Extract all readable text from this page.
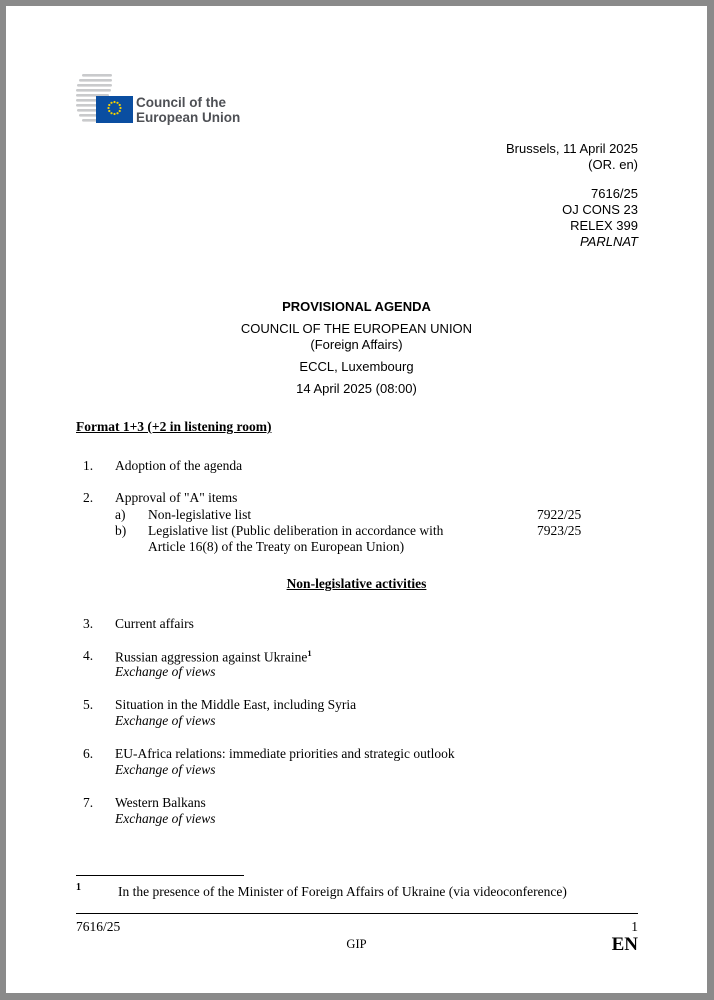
Council of the
European Union
Brussels, 11 April 2025
(OR. en)
7616/25
OJ CONS 23
RELEX 399
PARLNAT
PROVISIONAL AGENDA
COUNCIL OF THE EUROPEAN UNION
(Foreign Affairs)
ECCL, Luxembourg
14 April 2025 (08:00)
Format 1+3 (+2 in listening room)
1. Adoption of the agenda
2. Approval of "A" items
a) Non-legislative list	7922/25
b) Legislative list (Public deliberation in accordance with	7923/25
Article 16(8) of the Treaty on European Union)
Non-legislative activities
3. Current affairs
4. Russian aggression against Ukraine$^1$
Exchange of views
5. Situation in the Middle East, including Syria
Exchange of views
6. EU-Africa relations: immediate priorities and strategic outlook
Exchange of views
7. Western Balkans
Exchange of views
1	In the presence of the Minister of Foreign Affairs of Ukraine (via videoconference)
7616/25	1
GIP	EN
